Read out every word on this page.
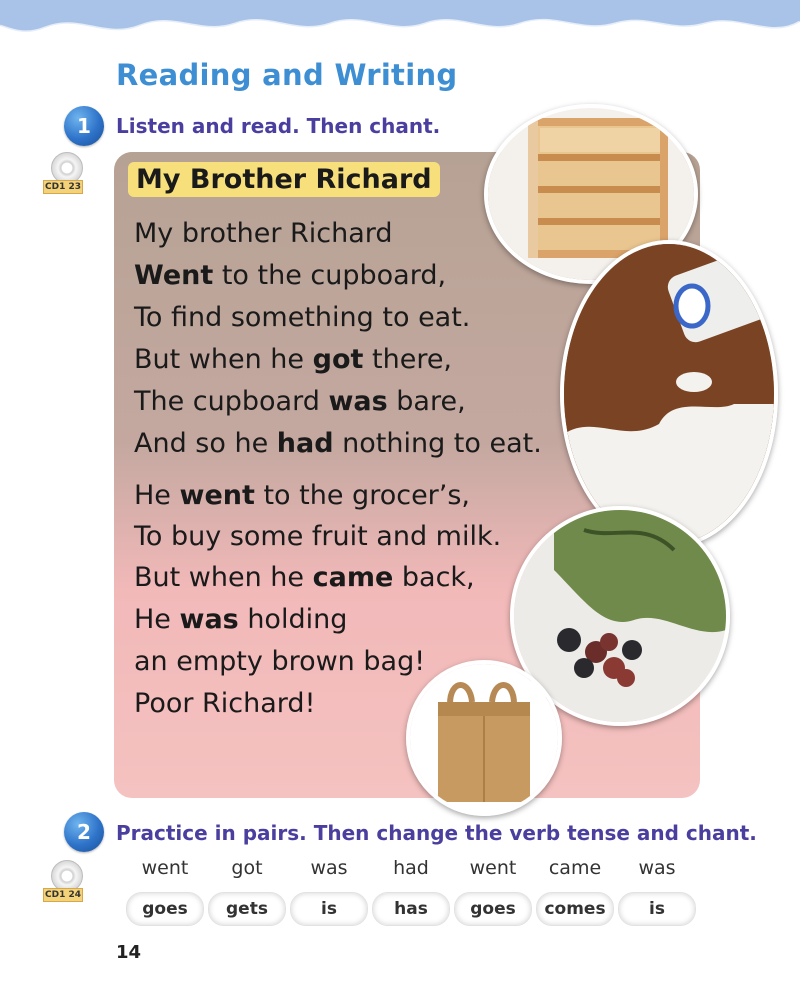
Reading and Writing
1	Listen and read. Then chant.
CD1 23 My Brother Richard
My brother Richard
Went to the cupboard,
To find something to eat.
But when he got there,
The cupboard was bare,
And so he had nothing to eat.
He went to the grocer’s,
To buy some fruit and milk.
But when he came back,
He was holding
an empty brown bag!
Poor Richard!
2	Practice in pairs. Then change the verb tense and chant.
CD1 24
went got	was had went came was
goes	gets	is	has	goes	comes	is
14
